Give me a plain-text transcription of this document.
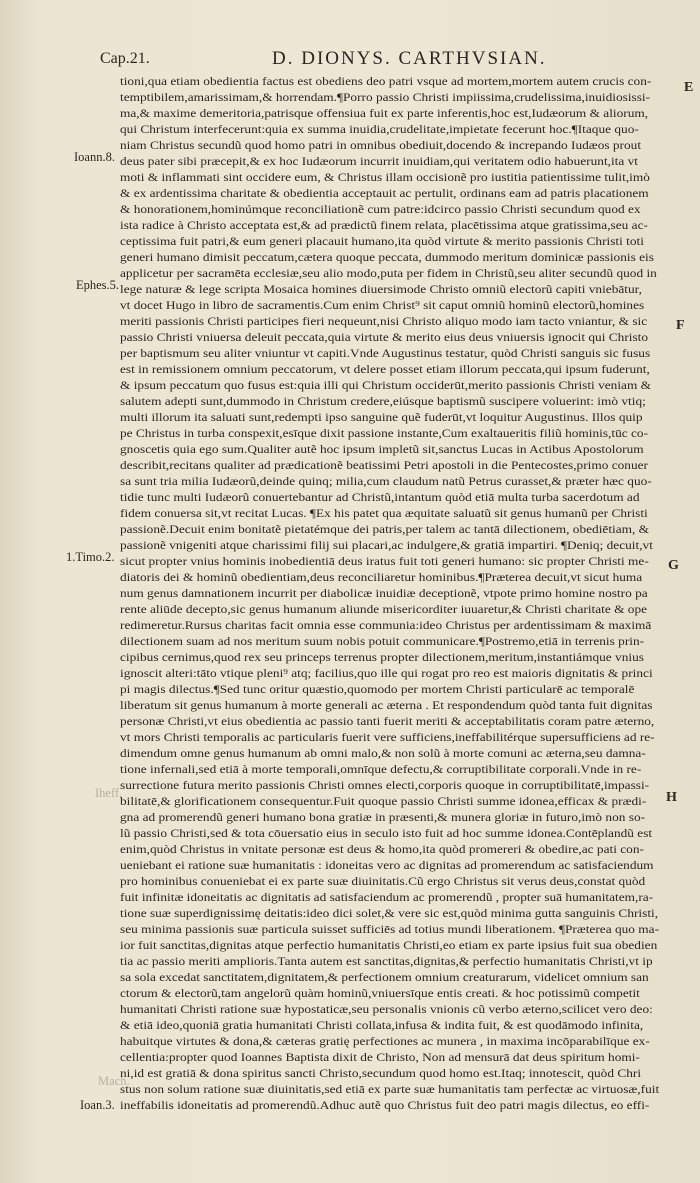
Cap.21.	D. DIONYS. CARTHVSIAN.
Iheff.
Mach.
Ioann.8.
Ephes.5.
1.Timo.2.
Ioan.3.
E
F
G
H
tioni,qua etiam obedientia factus est obediens deo patri vsque ad mortem,mortem autem crucis con-
temptibilem,amarissimam,& horrendam.¶Porro passio Christi impiissima,crudelissima,inuidiosissi-
ma,& maxime demeritoria,patrisque offensiua fuit ex parte inferentis,hoc est,Iudæorum & aliorum,
qui Christum interfecerunt:quia ex summa inuidia,crudelitate,impietate fecerunt hoc.¶Itaque quo-
niam Christus secundũ quod homo patri in omnibus obediuit,docendo & increpando Iudæos prout
deus pater sibi præcepit,& ex hoc Iudæorum incurrit inuidiam,qui veritatem odio habuerunt,ita vt
moti & inflammati sint occidere eum, & Christus illam occisionẽ pro iustitia patientissime tulit,imò
& ex ardentissima charitate & obedientia acceptauit ac pertulit, ordinans eam ad patris placationem
& honorationem,hominúmque reconciliationẽ cum patre:idcirco passio Christi secundum quod ex
ista radice à Christo acceptata est,& ad prædictũ finem relata, placētissima atque gratissima,seu ac-
ceptissima fuit patri,& eum generi placauit humano,ita quòd virtute & merito passionis Christi toti
generi humano dimisit peccatum,cætera quoque peccata, dummodo meritum dominicæ passionis eis
applicetur per sacramēta ecclesiæ,seu alio modo,puta per fidem in Christũ,seu aliter secundũ quod in
lege naturæ & lege scripta Mosaica homines diuersimode Christo omniũ electorũ capiti vniebātur,
vt docet Hugo in libro de sacramentis.Cum enim Christ⁹ sit caput omniũ hominũ electorũ,homines
meriti passionis Christi participes fieri nequeunt,nisi Christo aliquo modo iam tacto vniantur, & sic
passio Christi vniuersa deleuit peccata,quia virtute & merito eius deus vniuersis ignocit qui Christo
per baptismum seu aliter vniuntur vt capiti.Vnde Augustinus testatur, quòd Christi sanguis sic fusus
est in remissionem omnium peccatorum, vt delere posset etiam illorum peccata,qui ipsum fuderunt,
& ipsum peccatum quo fusus est:quia illi qui Christum occiderūt,merito passionis Christi veniam &
salutem adepti sunt,dummodo in Christum credere,eiúsque baptismũ suscipere voluerint: imò vtiq;
multi illorum ita saluati sunt,redempti ipso sanguine quẽ fuderūt,vt loquitur Augustinus. Illos quip
pe Christus in turba conspexit,esīque dixit passione instante,Cum exaltaueritis filiũ hominis,tūc co-
gnoscetis quia ego sum.Qualiter autẽ hoc ipsum impletũ sit,sanctus Lucas in Actibus Apostolorum
describit,recitans qualiter ad prædicationẽ beatissimi Petri apostoli in die Pentecostes,primo conuer
sa sunt tria milia Iudæorũ,deinde quinq; milia,cum claudum natũ Petrus curasset,& præter hæc quo-
tidie tunc multi Iudæorũ conuertebantur ad Christũ,intantum quòd etiā multa turba sacerdotum ad
fidem conuersa sit,vt recitat Lucas. ¶Ex his patet qua æquitate saluatũ sit genus humanũ per Christi
passionẽ.Decuit enim bonitatẽ pietatémque dei patris,per talem ac tantā dilectionem, obediētiam, &
passionẽ vnigeniti atque charissimi filij sui placari,ac indulgere,& gratiā impartiri. ¶Deniq; decuit,vt
sicut propter vnius hominis inobedientiā deus iratus fuit toti generi humano: sic propter Christi me-
diatoris dei & hominũ obedientiam,deus reconciliaretur hominibus.¶Præterea decuit,vt sicut huma
num genus damnationem incurrit per diabolicæ inuidiæ deceptionẽ, vtpote primo homine nostro pa
rente aliūde decepto,sic genus humanum aliunde misericorditer iuuaretur,& Christi charitate & ope
redimeretur.Rursus charitas facit omnia esse communia:ideo Christus per ardentissimam & maximā
dilectionem suam ad nos meritum suum nobis potuit communicare.¶Postremo,etiā in terrenis prin-
cipibus cernimus,quod rex seu princeps terrenus propter dilectionem,meritum,instantiámque vnius
ignoscit alteri:tāto vtique pleni⁹ atq; facilius,quo ille qui rogat pro reo est maioris dignitatis & princi
pi magis dilectus.¶Sed tunc oritur quæstio,quomodo per mortem Christi particularē ac temporalē
liberatum sit genus humanum à morte generali ac æterna . Et respondendum quòd tanta fuit dignitas
personæ Christi,vt eius obedientia ac passio tanti fuerit meriti & acceptabilitatis coram patre æterno,
vt mors Christi temporalis ac particularis fuerit vere sufficiens,ineffabilitérque supersufficiens ad re-
dimendum omne genus humanum ab omni malo,& non solũ à morte comuni ac æterna,seu damna-
tione infernali,sed etiā à morte temporali,omnīque defectu,& corruptibilitate corporali.Vnde in re-
surrectione futura merito passionis Christi omnes electi,corporis quoque in corruptibilitatē,impassi-
bilitatē,& glorificationem consequentur.Fuit quoque passio Christi summe idonea,efficax & prædi-
gna ad promerendũ generi humano bona gratiæ in præsenti,& munera gloriæ in futuro,imò non so-
lũ passio Christi,sed & tota cōuersatio eius in seculo isto fuit ad hoc summe idonea.Contēplandũ est
enim,quòd Christus in vnitate personæ est deus & homo,ita quòd promereri & obedire,ac pati con-
ueniebant ei ratione suæ humanitatis : idoneitas vero ac dignitas ad promerendum ac satisfaciendum
pro hominibus conueniebat ei ex parte suæ diuinitatis.Cũ ergo Christus sit verus deus,constat quòd
fuit infinitæ idoneitatis ac dignitatis ad satisfaciendum ac promerendũ , propter suā humanitatem,ra-
tione suæ superdignissimę deitatis:ideo dici solet,& vere sic est,quòd minima gutta sanguinis Christi,
seu minima passionis suæ particula suisset sufficiēs ad totius mundi liberationem. ¶Præterea quo ma-
ior fuit sanctitas,dignitas atque perfectio humanitatis Christi,eo etiam ex parte ipsius fuit sua obedien
tia ac passio meriti amplioris.Tanta autem est sanctitas,dignitas,& perfectio humanitatis Christi,vt ip
sa sola excedat sanctitatem,dignitatem,& perfectionem omnium creaturarum, videlicet omnium san
ctorum & electorũ,tam angelorũ quàm hominũ,vniuersīque entis creati. & hoc potissimũ competit
humanitati Christi ratione suæ hypostaticæ,seu personalis vnionis cũ verbo æterno,scilicet vero deo:
& etiā ideo,quoniā gratia humanitati Christi collata,infusa & indita fuit, & est quodāmodo infinita,
habuitque virtutes & dona,& cæteras gratię perfectiones ac munera , in maxima incōparabilīque ex-
cellentia:propter quod Ioannes Baptista dixit de Christo, Non ad mensurā dat deus spiritum homi-
ni,id est gratiā & dona spiritus sancti Christo,secundum quod homo est.Itaq; innotescit, quòd Chri
stus non solum ratione suæ diuinitatis,sed etiā ex parte suæ humanitatis tam perfectæ ac virtuosæ,fuit
ineffabilis idoneitatis ad promerendũ.Adhuc autẽ quo Christus fuit deo patri magis dilectus, eo effi-
